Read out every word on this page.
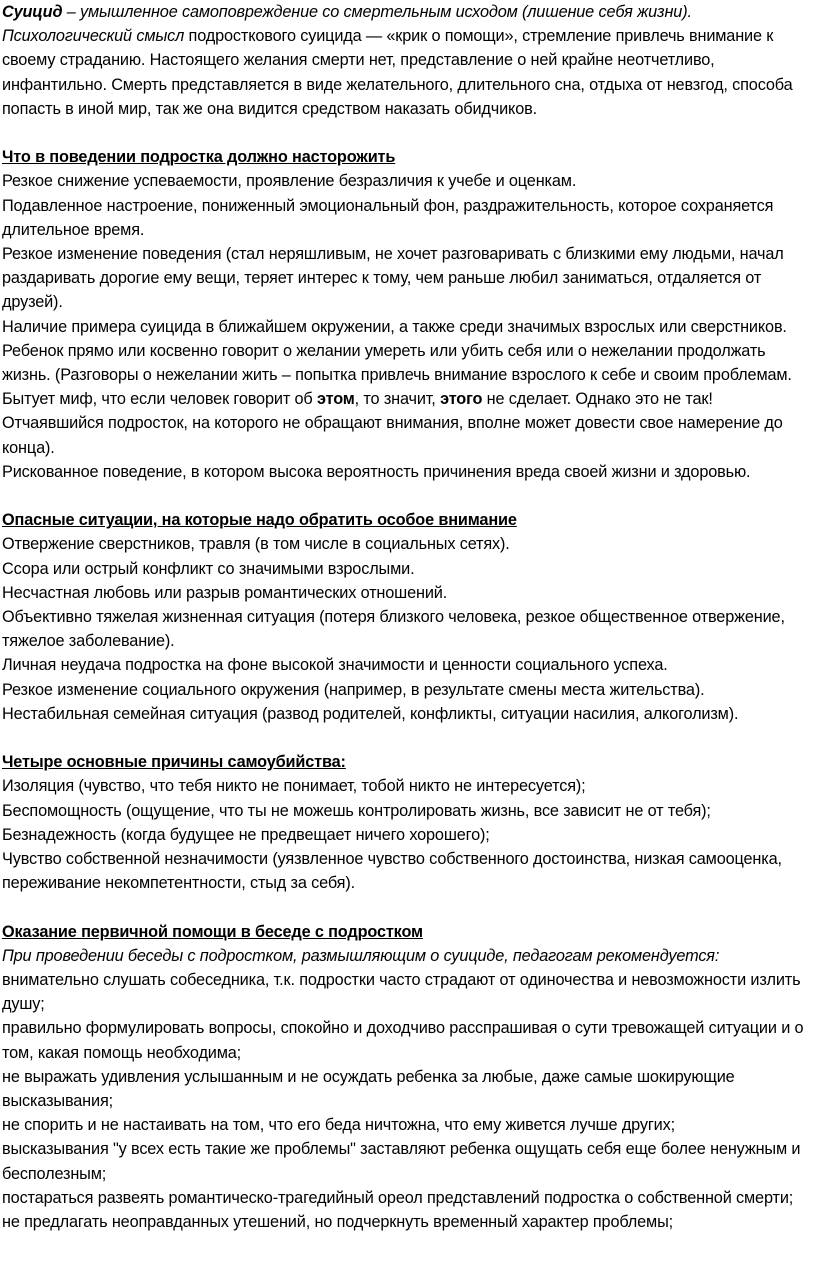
Суицид – умышленное самоповреждение со смертельным исходом (лишение себя жизни).

Психологический смысл подросткового суицида — «крик о помощи», стремление привлечь внимание к своему страданию. Настоящего желания смерти нет, представление о ней крайне неотчетливо, инфантильно. Смерть представляется в виде желательного, длительного сна, отдыха от невзгод, способа попасть в иной мир, так же она видится средством наказать обидчиков.

Что в поведении подростка должно насторожить

Резкое снижение успеваемости, проявление безразличия к учебе и оценкам.

Подавленное настроение, пониженный эмоциональный фон, раздражительность, которое сохраняется длительное время.

Резкое изменение поведения (стал неряшливым, не хочет разговаривать с близкими ему людьми, начал раздаривать дорогие ему вещи, теряет интерес к тому, чем раньше любил заниматься, отдаляется от друзей).

Наличие примера суицида в ближайшем окружении, а также среди значимых взрослых или сверстников.

Ребенок прямо или косвенно говорит о желании умереть или убить себя или о нежелании продолжать жизнь. (Разговоры о нежелании жить – попытка привлечь внимание взрослого к себе и своим проблемам. Бытует миф, что если человек говорит об этом, то значит, этого не сделает. Однако это не так! Отчаявшийся подросток, на которого не обращают внимания, вполне может довести свое намерение до конца).

Рискованное поведение, в котором высока вероятность причинения вреда своей жизни и здоровью.

Опасные ситуации, на которые надо обратить особое внимание

Отвержение сверстников, травля (в том числе в социальных сетях).

Ссора или острый конфликт со значимыми взрослыми.

Несчастная любовь или разрыв романтических отношений.

Объективно тяжелая жизненная ситуация (потеря близкого человека, резкое общественное отвержение, тяжелое заболевание).

Личная неудача подростка на фоне высокой значимости и ценности социального успеха.

Резкое изменение социального окружения (например, в результате смены места жительства).

Нестабильная семейная ситуация (развод родителей, конфликты, ситуации насилия, алкоголизм).

Четыре основные причины самоубийства:

Изоляция (чувство, что тебя никто не понимает, тобой никто не интересуется);

Беспомощность (ощущение, что ты не можешь контролировать жизнь, все зависит не от тебя);

Безнадежность (когда будущее не предвещает ничего хорошего);

Чувство собственной незначимости (уязвленное чувство собственного достоинства, низкая самооценка, переживание некомпетентности, стыд за себя).

Оказание первичной помощи в беседе с подростком

При проведении беседы с подростком, размышляющим о суициде, педагогам рекомендуется:

внимательно слушать собеседника, т.к. подростки часто страдают от одиночества и невозможности излить душу;

правильно формулировать вопросы, спокойно и доходчиво расспрашивая о сути тревожащей ситуации и о том, какая помощь необходима;

не выражать удивления услышанным и не осуждать ребенка за любые, даже самые шокирующие высказывания;

не спорить и не настаивать на том, что его беда ничтожна, что ему живется лучше других;

высказывания "у всех есть такие же проблемы" заставляют ребенка ощущать себя еще более ненужным и бесполезным;

постараться развеять романтическо-трагедийный ореол представлений подростка о собственной смерти;

не предлагать неоправданных утешений, но подчеркнуть временный характер проблемы;
